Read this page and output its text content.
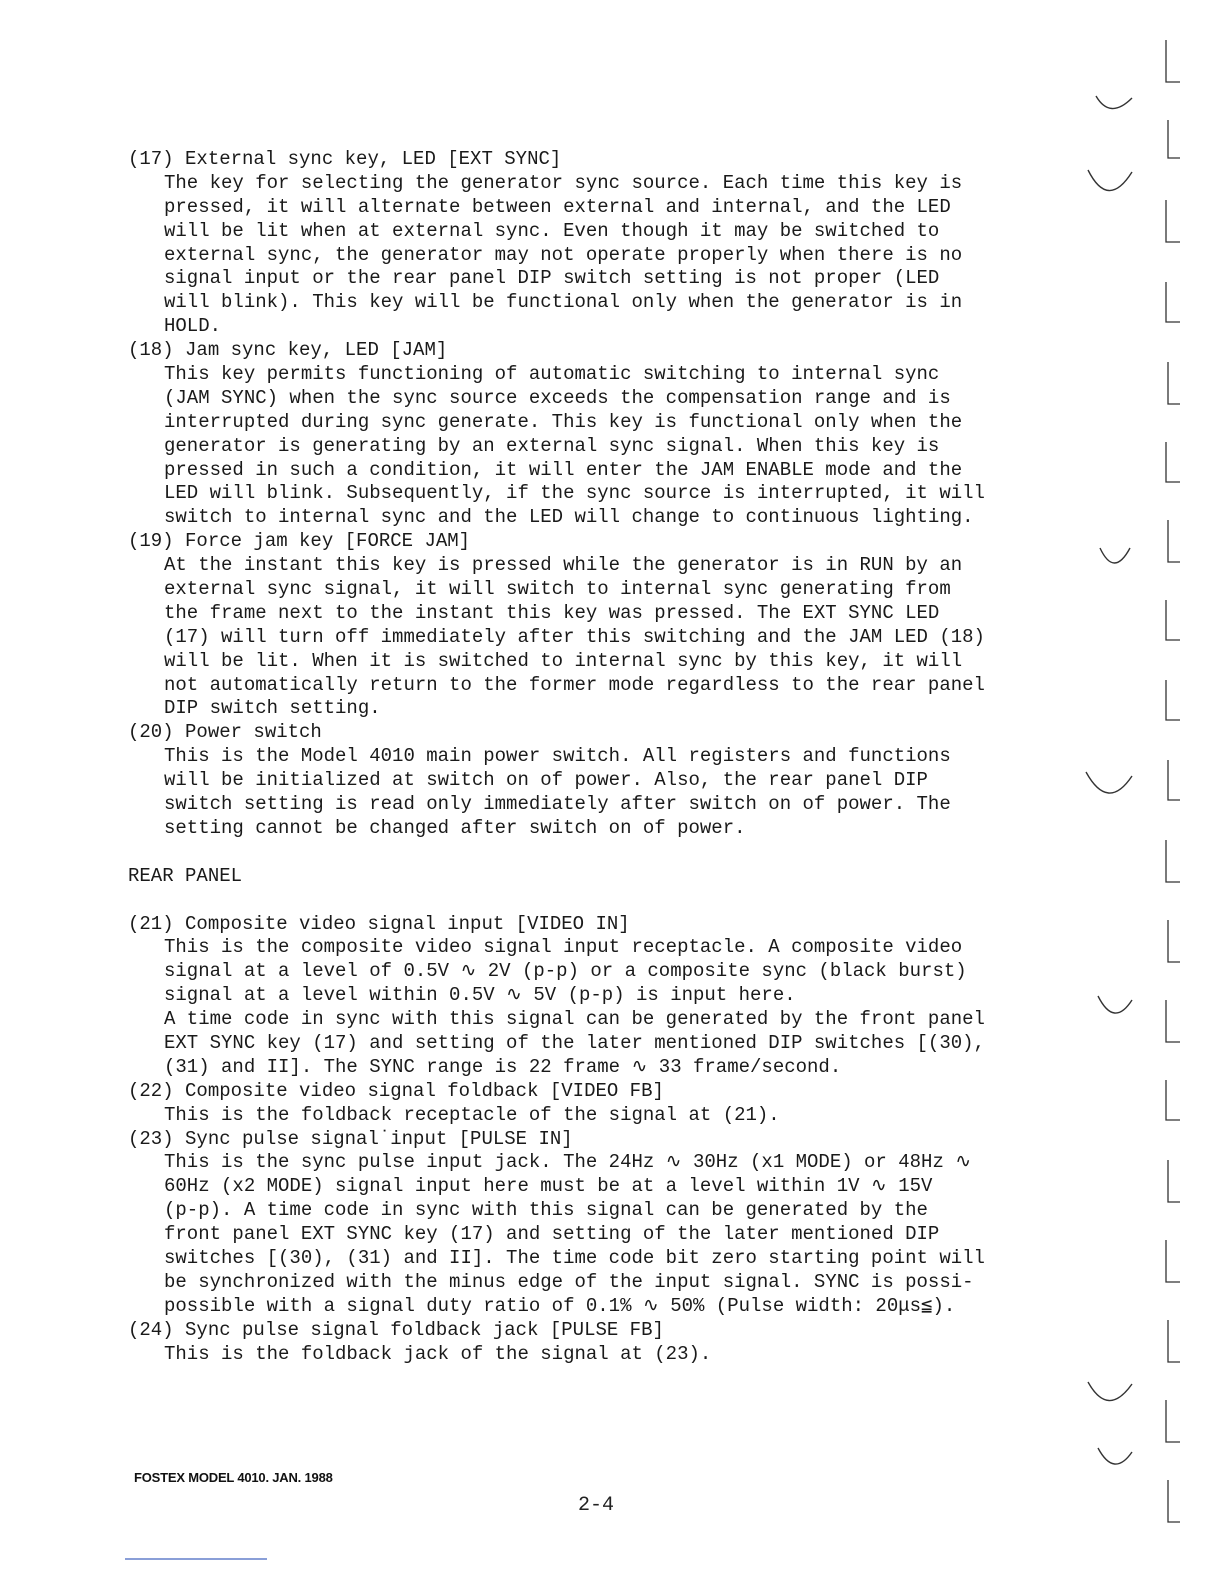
(17) External sync key, LED [EXT SYNC]
The key for selecting the generator sync source. Each time this key is
pressed, it will alternate between external and internal, and the LED
will be lit when at external sync. Even though it may be switched to
external sync, the generator may not operate properly when there is no
signal input or the rear panel DIP switch setting is not proper (LED
will blink). This key will be functional only when the generator is in
HOLD.
(18) Jam sync key, LED [JAM]
This key permits functioning of automatic switching to internal sync
(JAM SYNC) when the sync source exceeds the compensation range and is
interrupted during sync generate. This key is functional only when the
generator is generating by an external sync signal. When this key is
pressed in such a condition, it will enter the JAM ENABLE mode and the
LED will blink. Subsequently, if the sync source is interrupted, it will
switch to internal sync and the LED will change to continuous lighting.
(19) Force jam key [FORCE JAM]
At the instant this key is pressed while the generator is in RUN by an
external sync signal, it will switch to internal sync generating from
the frame next to the instant this key was pressed. The EXT SYNC LED
(17) will turn off immediately after this switching and the JAM LED (18)
will be lit. When it is switched to internal sync by this key, it will
not automatically return to the former mode regardless to the rear panel
DIP switch setting.
(20) Power switch
This is the Model 4010 main power switch. All registers and functions
will be initialized at switch on of power. Also, the rear panel DIP
switch setting is read only immediately after switch on of power. The
setting cannot be changed after switch on of power.
REAR PANEL
(21) Composite video signal input [VIDEO IN]
This is the composite video signal input receptacle. A composite video
signal at a level of 0.5V ∿ 2V (p-p) or a composite sync (black burst)
signal at a level within 0.5V ∿ 5V (p-p) is input here.
A time code in sync with this signal can be generated by the front panel
EXT SYNC key (17) and setting of the later mentioned DIP switches [(30),
(31) and II]. The SYNC range is 22 frame ∿ 33 frame/second.
(22) Composite video signal foldback [VIDEO FB]
This is the foldback receptacle of the signal at (21).
(23) Sync pulse signal˙input [PULSE IN]
This is the sync pulse input jack. The 24Hz ∿ 30Hz (x1 MODE) or 48Hz ∿
60Hz (x2 MODE) signal input here must be at a level within 1V ∿ 15V
(p-p). A time code in sync with this signal can be generated by the
front panel EXT SYNC key (17) and setting of the later mentioned DIP
switches [(30), (31) and II]. The time code bit zero starting point will
be synchronized with the minus edge of the input signal. SYNC is possi-
possible with a signal duty ratio of 0.1% ∿ 50% (Pulse width: 20μs≦).
(24) Sync pulse signal foldback jack [PULSE FB]
This is the foldback jack of the signal at (23).
FOSTEX MODEL 4010. JAN. 1988
2-4
